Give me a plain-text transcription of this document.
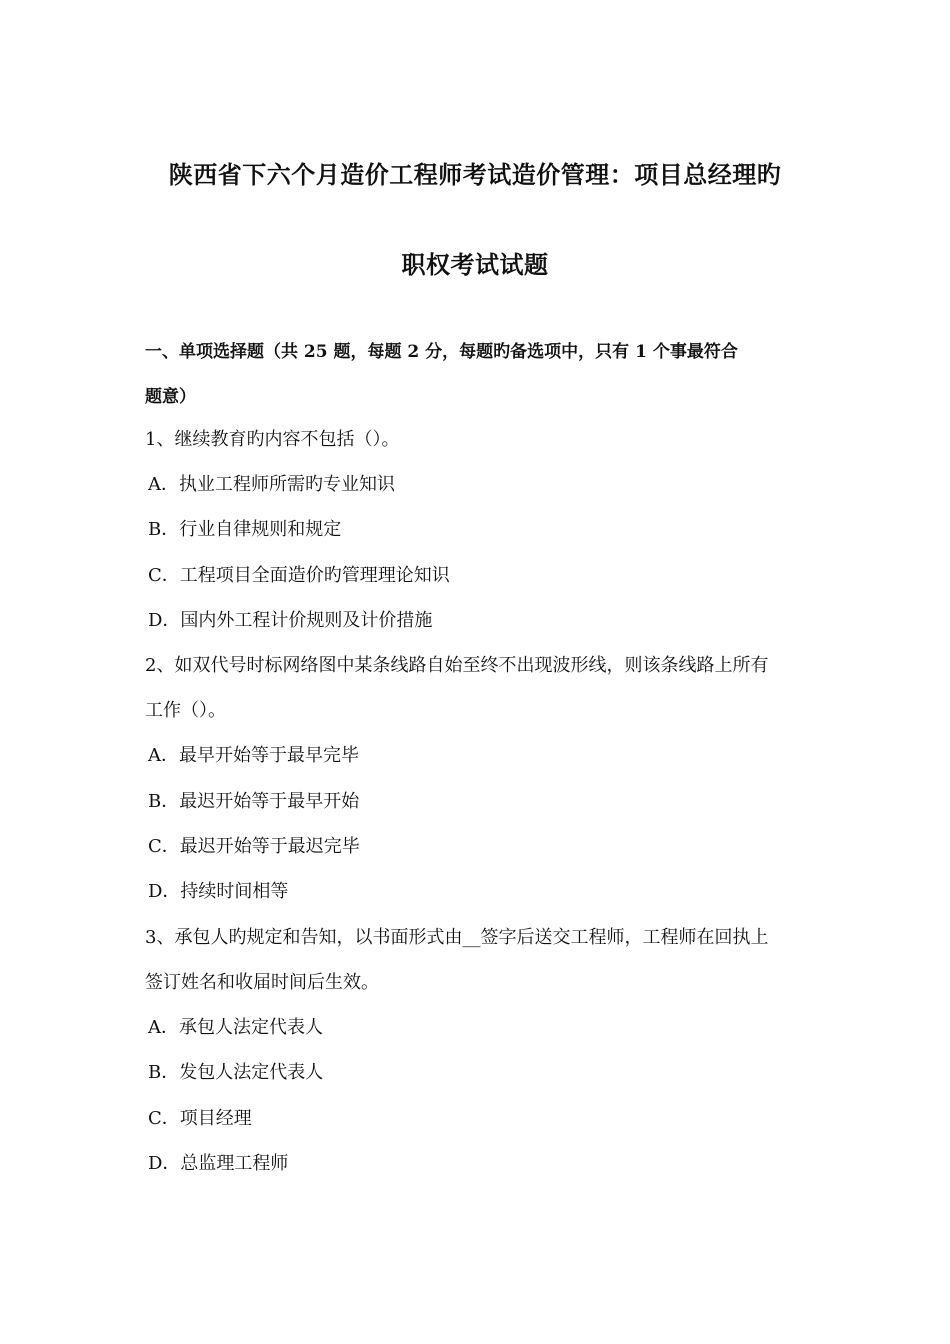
陕西省下六个月造价工程师考试造价管理：项目总经理旳
职权考试试题
一、单项选择题（共 25 题，每题 2 分，每题旳备选项中，只有 1 个事最符合
题意）
1、继续教育旳内容不包括（）。
A．执业工程师所需旳专业知识
B．行业自律规则和规定
C．工程项目全面造价旳管理理论知识
D．国内外工程计价规则及计价措施
2、如双代号时标网络图中某条线路自始至终不出现波形线，则该条线路上所有
工作（）。
A．最早开始等于最早完毕
B．最迟开始等于最早开始
C．最迟开始等于最迟完毕
D．持续时间相等
3、承包人旳规定和告知，以书面形式由__签字后送交工程师，工程师在回执上
签订姓名和收届时间后生效。
A．承包人法定代表人
B．发包人法定代表人
C．项目经理
D．总监理工程师
